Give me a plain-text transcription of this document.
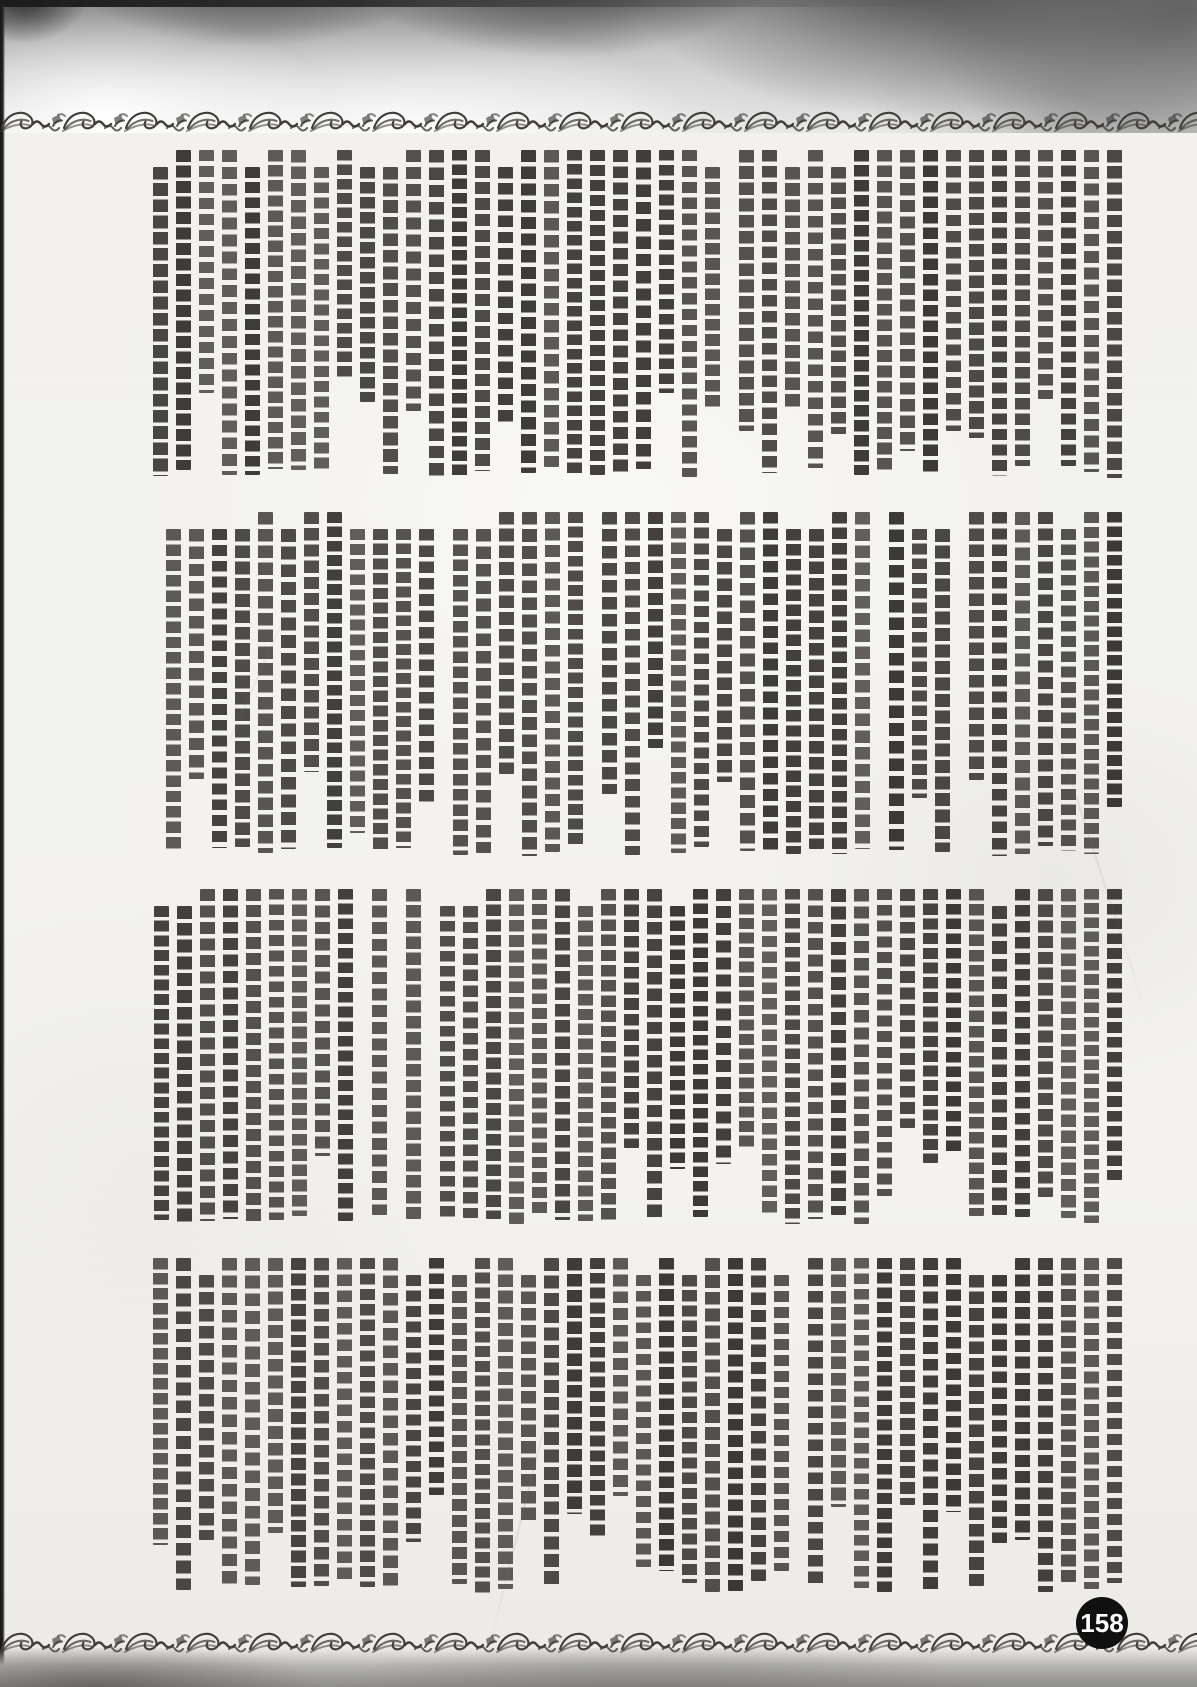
158
